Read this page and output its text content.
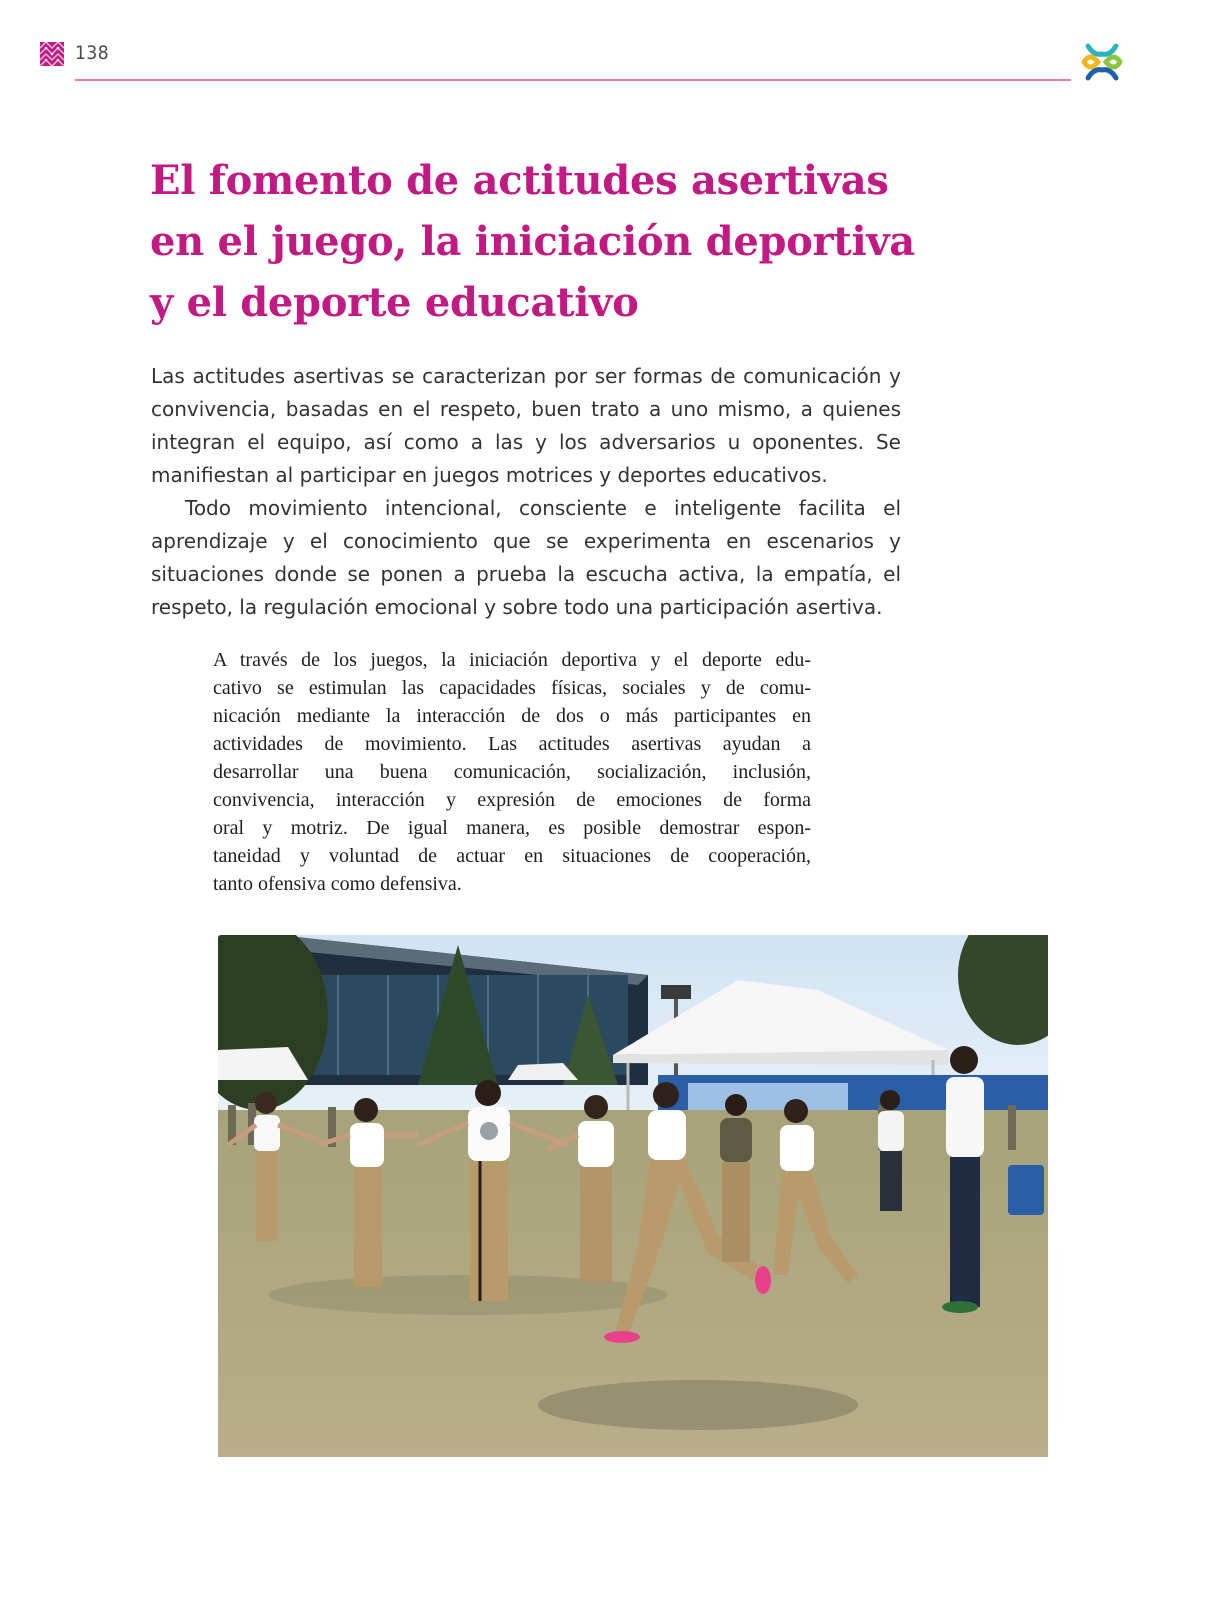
138
El fomento de actitudes asertivas
en el juego, la iniciación deportiva
y el deporte educativo

Las actitudes asertivas se caracterizan por ser formas de comunicación y convivencia, basadas en el respeto, buen trato a uno mismo, a quienes integran el equipo, así como a las y los adversarios u oponentes. Se manifiestan al participar en juegos motrices y deportes educativos.

Todo movimiento intencional, consciente e inteligente facilita el aprendizaje y el conocimiento que se experimenta en escenarios y situaciones donde se ponen a prueba la escucha activa, la empatía, el respeto, la regulación emocional y sobre todo una participación asertiva.

A través de los juegos, la iniciación deportiva y el deporte edu-
cativo se estimulan las capacidades físicas, sociales y de comu-
nicación mediante la interacción de dos o más participantes en
actividades de movimiento. Las actitudes asertivas ayudan a
desarrollar una buena comunicación, socialización, inclusión,
convivencia, interacción y expresión de emociones de forma
oral y motriz. De igual manera, es posible demostrar espon-
taneidad y voluntad de actuar en situaciones de cooperación,
tanto ofensiva como defensiva.
